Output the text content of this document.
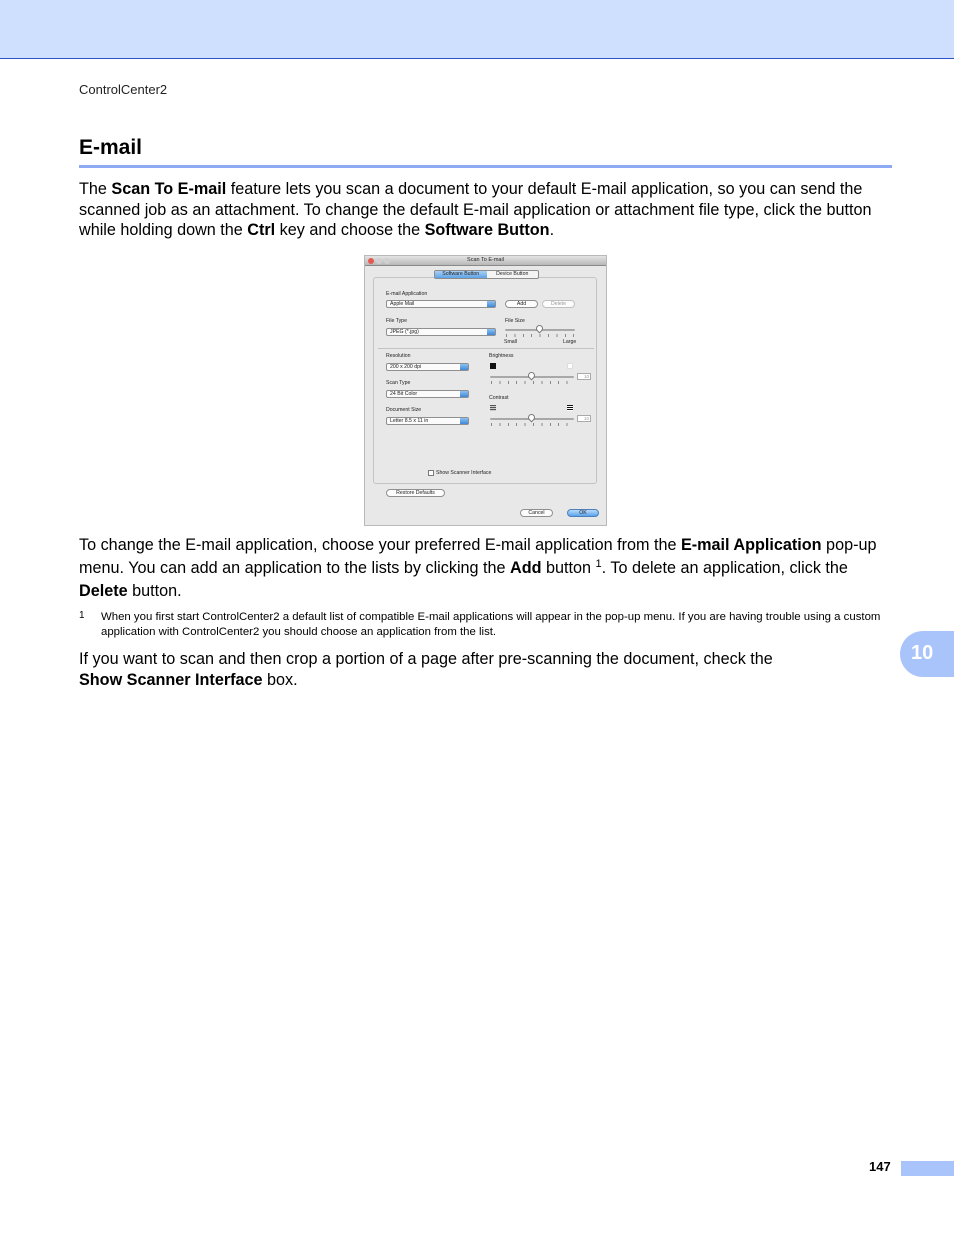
ControlCenter2
E-mail
The Scan To E-mail feature lets you scan a document to your default E-mail application, so you can send the scanned job as an attachment. To change the default E-mail application or attachment file type, click the button while holding down the Ctrl key and choose the Software Button.
Scan To E-mail
Software Button	Device Button
E-mail Application
Apple Mail	Add	Delete
File Type
JPEG (*.jpg)
File Size
Small	Large
Resolution
200 x 200 dpi
Scan Type
24 Bit Color
Document Size
Letter 8.5 x 11 in
Brightness
10
Contrast
10
Show Scanner Interface
Restore Defaults
Cancel	OK
To change the E-mail application, choose your preferred E-mail application from the E-mail Application pop-up menu. You can add an application to the lists by clicking the Add button $^1$. To delete an application, click the Delete button.
1 When you first start ControlCenter2 a default list of compatible E-mail applications will appear in the pop-up menu. If you are having trouble using a custom application with ControlCenter2 you should choose an application from the list.
If you want to scan and then crop a portion of a page after pre-scanning the document, check the
Show Scanner Interface box.
10
147
